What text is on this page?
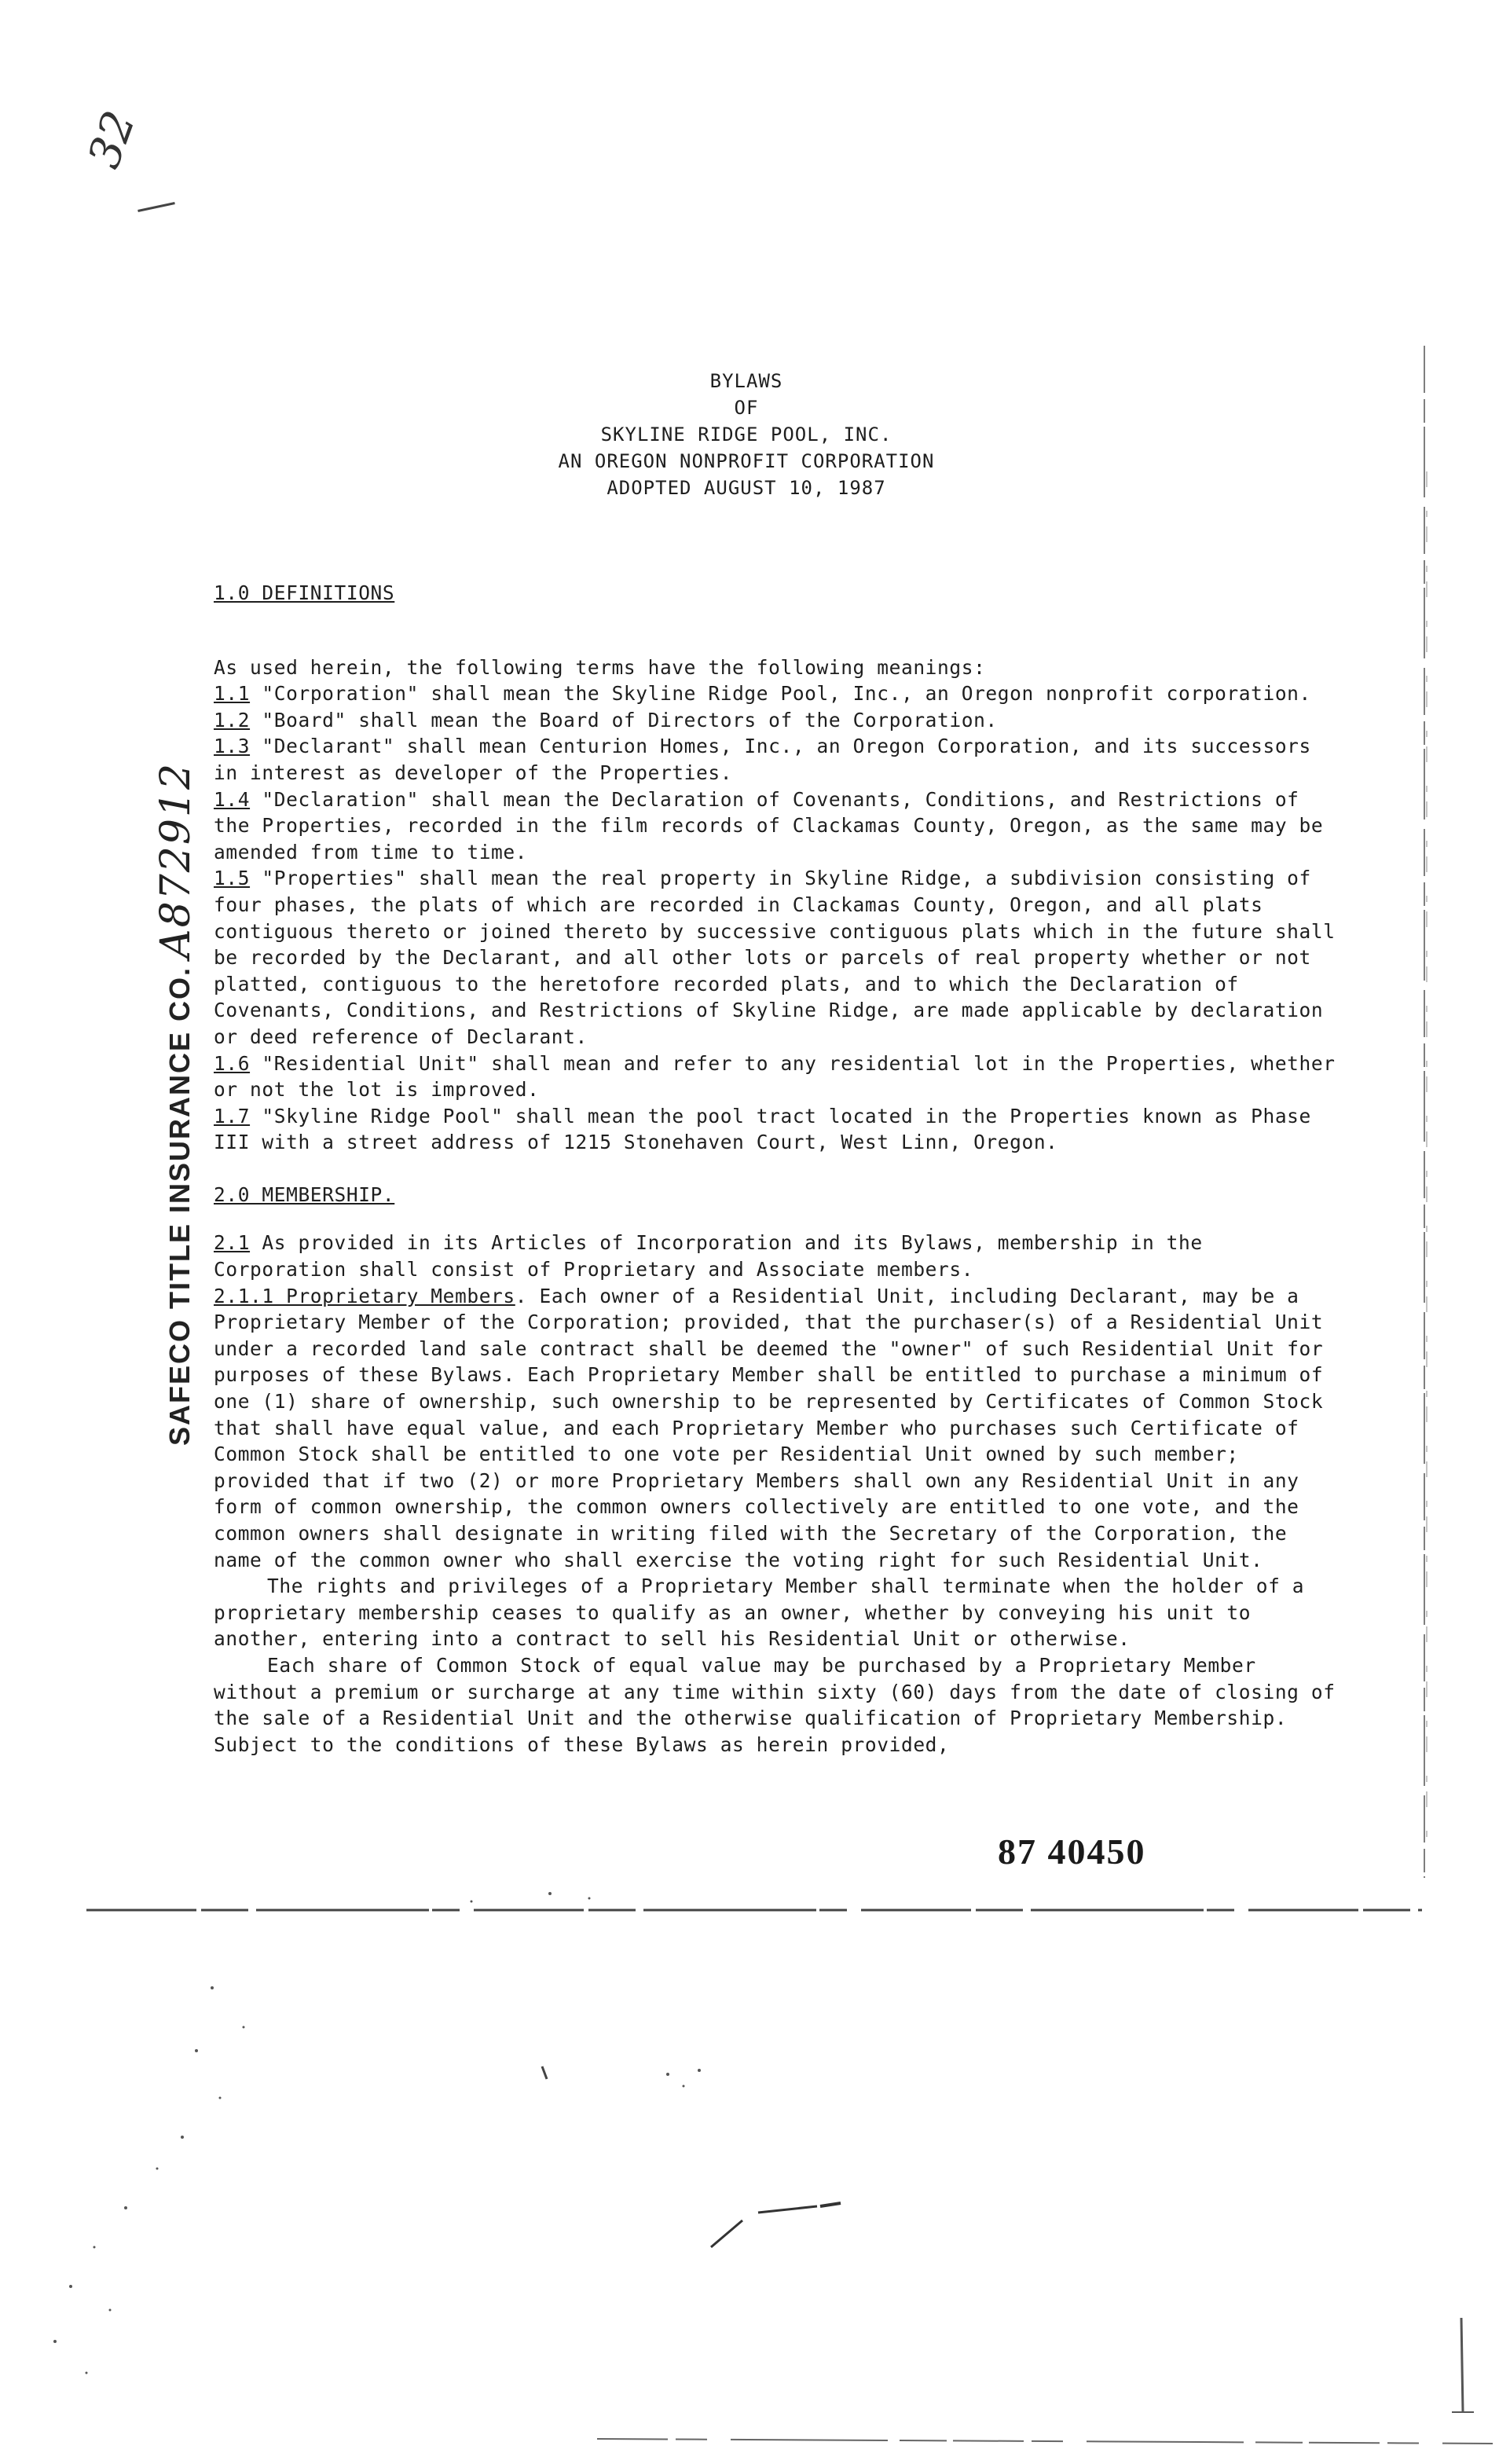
32
BYLAWS
OF
SKYLINE RIDGE POOL, INC.
AN OREGON NONPROFIT CORPORATION
ADOPTED AUGUST 10, 1987

1.0 DEFINITIONS

As used herein, the following terms have the following meanings:

1.1 "Corporation" shall mean the Skyline Ridge Pool, Inc., an Oregon nonprofit corporation.

1.2 "Board" shall mean the Board of Directors of the Corporation.

1.3 "Declarant" shall mean Centurion Homes, Inc., an Oregon Corporation, and its successors in interest as developer of the Properties.

1.4 "Declaration" shall mean the Declaration of Covenants, Conditions, and Restrictions of the Properties, recorded in the film records of Clackamas County, Oregon, as the same may be amended from time to time.

1.5 "Properties" shall mean the real property in Skyline Ridge, a subdivision consisting of four phases, the plats of which are recorded in Clackamas County, Oregon, and all plats contiguous thereto or joined thereto by successive contiguous plats which in the future shall be recorded by the Declarant, and all other lots or parcels of real property whether or not platted, contiguous to the heretofore recorded plats, and to which the Declaration of Covenants, Conditions, and Restrictions of Skyline Ridge, are made applicable by declaration or deed reference of Declarant.

1.6 "Residential Unit" shall mean and refer to any residential lot in the Properties, whether or not the lot is improved.

1.7 "Skyline Ridge Pool" shall mean the pool tract located in the Properties known as Phase III with a street address of 1215 Stonehaven Court, West Linn, Oregon.

2.0 MEMBERSHIP.

2.1 As provided in its Articles of Incorporation and its Bylaws, membership in the Corporation shall consist of Proprietary and Associate members.

2.1.1 Proprietary Members. Each owner of a Residential Unit, including Declarant, may be a Proprietary Member of the Corporation; provided, that the purchaser(s) of a Residential Unit under a recorded land sale contract shall be deemed the "owner" of such Residential Unit for purposes of these Bylaws. Each Proprietary Member shall be entitled to purchase a minimum of one (1) share of ownership, such ownership to be represented by Certificates of Common Stock that shall have equal value, and each Proprietary Member who purchases such Certificate of Common Stock shall be entitled to one vote per Residential Unit owned by such member; provided that if two (2) or more Proprietary Members shall own any Residential Unit in any form of common ownership, the common owners collectively are entitled to one vote, and the common owners shall designate in writing filed with the Secretary of the Corporation, the name of the common owner who shall exercise the voting right for such Residential Unit.

The rights and privileges of a Proprietary Member shall terminate when the holder of a proprietary membership ceases to qualify as an owner, whether by conveying his unit to another, entering into a contract to sell his Residential Unit or otherwise.

Each share of Common Stock of equal value may be purchased by a Proprietary Member without a premium or surcharge at any time within sixty (60) days from the date of closing of the sale of a Residential Unit and the otherwise qualification of Proprietary Membership. Subject to the conditions of these Bylaws as herein provided,

SAFECO TITLE INSURANCE CO.A872912
87 40450
